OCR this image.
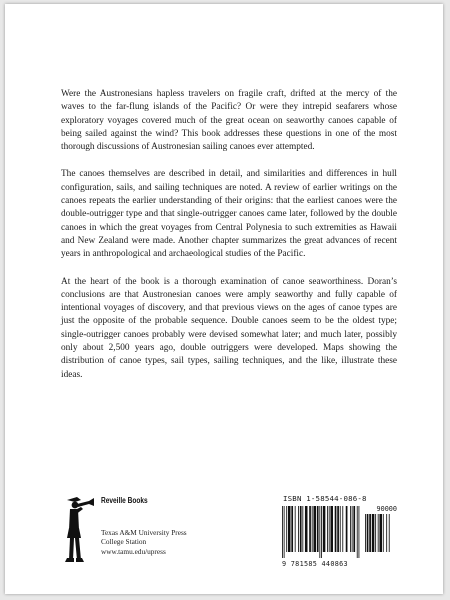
Were the Austronesians hapless travelers on fragile craft, drifted at the mercy of the waves to the far-flung islands of the Pacific? Or were they intrepid seafarers whose exploratory voyages covered much of the great ocean on seaworthy canoes capable of being sailed against the wind? This book addresses these questions in one of the most thorough discussions of Austronesian sailing canoes ever attempted.

The canoes themselves are described in detail, and similarities and differences in hull configuration, sails, and sailing techniques are noted. A review of earlier writings on the canoes repeats the earlier understanding of their origins: that the earliest canoes were the double-outrigger type and that single-outrigger canoes came later, followed by the double canoes in which the great voyages from Central Polynesia to such extremities as Hawaii and New Zealand were made. Another chapter summarizes the great advances of recent years in anthropological and archaeological studies of the Pacific.

At the heart of the book is a thorough examination of canoe seaworthiness. Doran’s conclusions are that Austronesian canoes were amply seaworthy and fully capable of intentional voyages of discovery, and that previous views on the ages of canoe types are just the opposite of the probable sequence. Double canoes seem to be the oldest type; single-outrigger canoes probably were devised somewhat later; and much later, possibly only about 2,500 years ago, double outriggers were developed. Maps showing the distribution of canoe types, sail types, sailing techniques, and the like, illustrate these ideas.

Reveille Books
Texas A&M University Press
College Station
www.tamu.edu/upress
ISBN 1-58544-086-8
90000
9 781585 440863
